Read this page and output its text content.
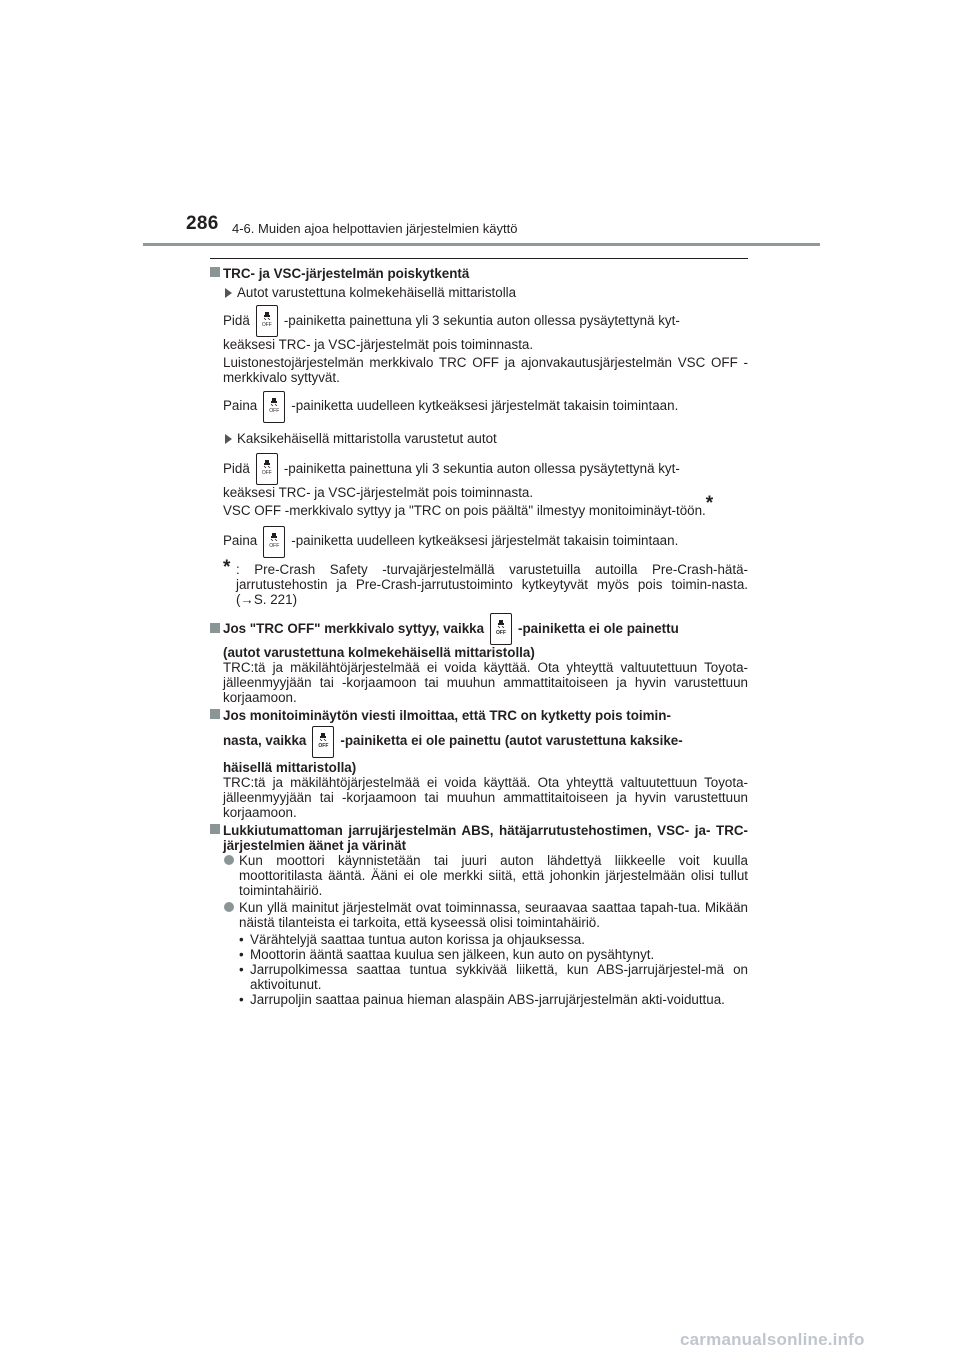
286 4-6. Muiden ajoa helpottavien järjestelmien käyttö

TRC- ja VSC-järjestelmän poiskytkentä

Autot varustettuna kolmekehäisellä mittaristolla

Pidä	OFF -painiketta painettuna yli 3 sekuntia auton ollessa pysäytettynä kyt-

keäksesi TRC- ja VSC-järjestelmät pois toiminnasta.

Luistonestojärjestelmän merkkivalo TRC OFF ja ajonvakautusjärjestelmän VSC OFF -merkkivalo syttyvät.

Paina	OFF -painiketta uudelleen kytkeäksesi järjestelmät takaisin toimintaan.

Kaksikehäisellä mittaristolla varustetut autot

Pidä	OFF -painiketta painettuna yli 3 sekuntia auton ollessa pysäytettynä kyt-

keäksesi TRC- ja VSC-järjestelmät pois toiminnasta.

VSC OFF -merkkivalo syttyy ja "TRC on pois päältä" ilmestyy monitoiminäyt-töön.*

Paina	OFF -painiketta uudelleen kytkeäksesi järjestelmät takaisin toimintaan.

* : Pre-Crash Safety -turvajärjestelmällä varustetuilla autoilla Pre-Crash-hätä-jarrutustehostin ja Pre-Crash-jarrutustoiminto kytkeytyvät myös pois toimin-nasta. (→S. 221)

Jos "TRC OFF" merkkivalo syttyy, vaikka	OFF -painiketta ei ole painettu

(autot varustettuna kolmekehäisellä mittaristolla)

TRC:tä ja mäkilähtöjärjestelmää ei voida käyttää. Ota yhteyttä valtuutettuun Toyota-jälleenmyyjään tai -korjaamoon tai muuhun ammattitaitoiseen ja hyvin varustettuun korjaamoon.

Jos monitoiminäytön viesti ilmoittaa, että TRC on kytketty pois toimin-

nasta, vaikka	OFF -painiketta ei ole painettu (autot varustettuna kaksike-

häisellä mittaristolla)

TRC:tä ja mäkilähtöjärjestelmää ei voida käyttää. Ota yhteyttä valtuutettuun Toyota-jälleenmyyjään tai -korjaamoon tai muuhun ammattitaitoiseen ja hyvin varustettuun korjaamoon.

Lukkiutumattoman jarrujärjestelmän ABS, hätäjarrutustehostimen, VSC- ja- TRC-järjestelmien äänet ja värinät

Kun moottori käynnistetään tai juuri auton lähdettyä liikkeelle voit kuulla moottoritilasta ääntä. Ääni ei ole merkki siitä, että johonkin järjestelmään olisi tullut toimintahäiriö.

Kun yllä mainitut järjestelmät ovat toiminnassa, seuraavaa saattaa tapah-tua. Mikään näistä tilanteista ei tarkoita, että kyseessä olisi toimintahäiriö.

• Värähtelyjä saattaa tuntua auton korissa ja ohjauksessa.

• Moottorin ääntä saattaa kuulua sen jälkeen, kun auto on pysähtynyt.

• Jarrupolkimessa saattaa tuntua sykkivää liikettä, kun ABS-jarrujärjestel-mä on aktivoitunut.

• Jarrupoljin saattaa painua hieman alaspäin ABS-jarrujärjestelmän akti-voiduttua.

carmanualsonline.info
